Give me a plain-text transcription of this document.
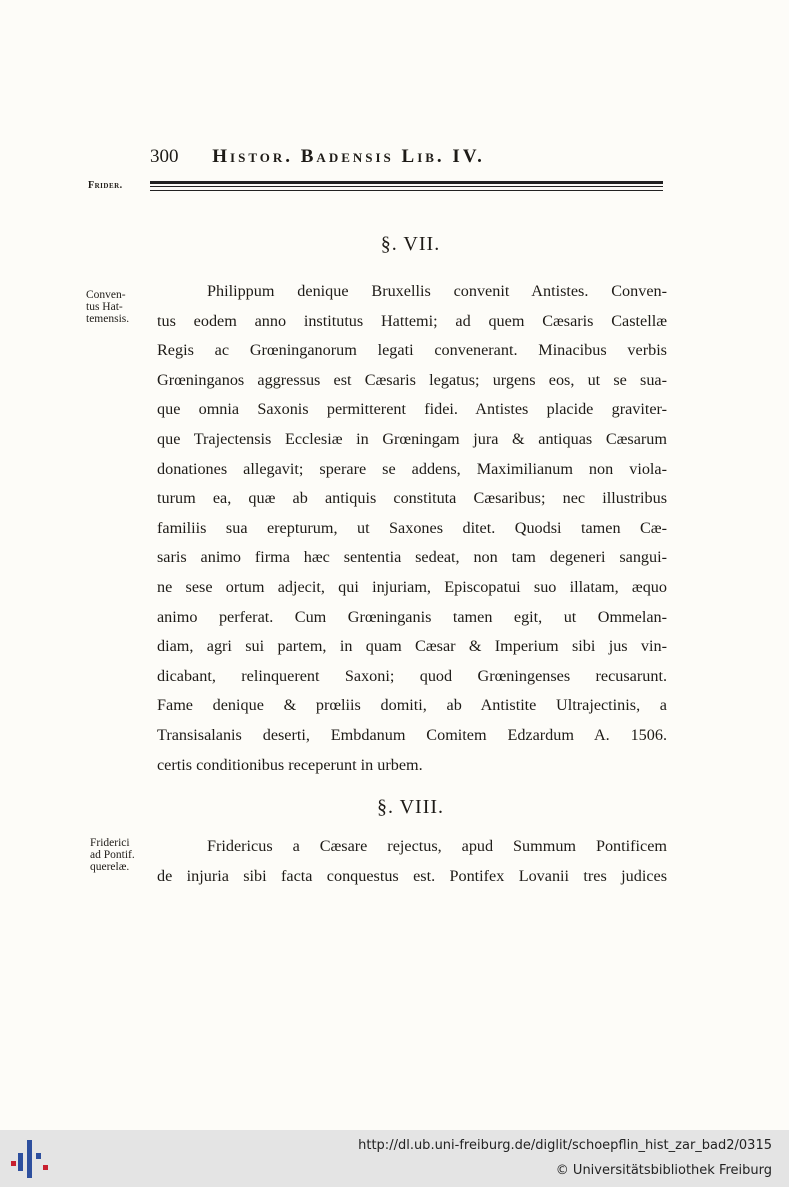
300 Histor. Badensis Lib. IV.
Frider.
§. VII.
Conven-
tus Hat-
temensis.
Philippum denique Bruxellis convenit Antistes. Conven-
tus eodem anno institutus Hattemi; ad quem Cæsaris Castellæ
Regis ac Grœninganorum legati convenerant. Minacibus verbis
Grœninganos aggressus est Cæsaris legatus; urgens eos, ut se sua-
que omnia Saxonis permitterent fidei. Antistes placide graviter-
que Trajectensis Ecclesiæ in Grœningam jura & antiquas Cæsarum
donationes allegavit; sperare se addens, Maximilianum non viola-
turum ea, quæ ab antiquis constituta Cæsaribus; nec illustribus
familiis sua erepturum, ut Saxones ditet. Quodsi tamen Cæ-
saris animo firma hæc sententia sedeat, non tam degeneri sangui-
ne sese ortum adjecit, qui injuriam, Episcopatui suo illatam, æquo
animo perferat. Cum Grœninganis tamen egit, ut Ommelan-
diam, agri sui partem, in quam Cæsar & Imperium sibi jus vin-
dicabant, relinquerent Saxoni; quod Grœningenses recusarunt.
Fame denique & prœliis domiti, ab Antistite Ultrajectinis, a
Transisalanis deserti, Embdanum Comitem Edzardum A. 1506.
certis conditionibus receperunt in urbem.
§. VIII.
Friderici
ad Pontif.
querelæ.
Fridericus a Cæsare rejectus, apud Summum Pontificem
de injuria sibi facta conquestus est. Pontifex Lovanii tres judices
http://dl.ub.uni-freiburg.de/diglit/schoepflin_hist_zar_bad2/0315
© Universitätsbibliothek Freiburg
